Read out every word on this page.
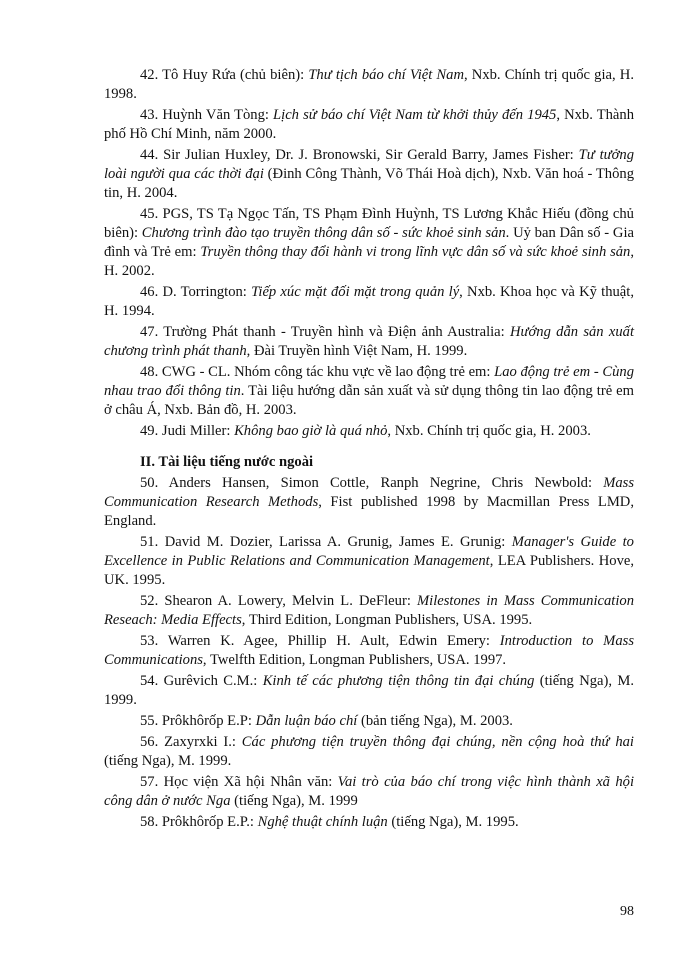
42. Tô Huy Rứa (chủ biên): Thư tịch báo chí Việt Nam, Nxb. Chính trị quốc gia, H. 1998.

43. Huỳnh Văn Tòng: Lịch sử báo chí Việt Nam từ khởi thủy đến 1945, Nxb. Thành phố Hồ Chí Minh, năm 2000.

44. Sir Julian Huxley, Dr. J. Bronowski, Sir Gerald Barry, James Fisher: Tư tưởng loài người qua các thời đại (Đinh Công Thành, Võ Thái Hoà dịch), Nxb. Văn hoá - Thông tin, H. 2004.

45. PGS, TS Tạ Ngọc Tấn, TS Phạm Đình Huỳnh, TS Lương Khắc Hiếu (đồng chủ biên): Chương trình đào tạo truyền thông dân số - sức khoẻ sinh sản. Uỷ ban Dân số - Gia đình và Trẻ em: Truyền thông thay đổi hành vi trong lĩnh vực dân số và sức khoẻ sinh sản, H. 2002.

46. D. Torrington: Tiếp xúc mặt đối mặt trong quản lý, Nxb. Khoa học và Kỹ thuật, H. 1994.

47. Trường Phát thanh - Truyền hình và Điện ảnh Australia: Hướng dẫn sản xuất chương trình phát thanh, Đài Truyền hình Việt Nam, H. 1999.

48. CWG - CL. Nhóm công tác khu vực về lao động trẻ em: Lao động trẻ em - Cùng nhau trao đổi thông tin. Tài liệu hướng dẫn sản xuất và sử dụng thông tin lao động trẻ em ở châu Á, Nxb. Bản đồ, H. 2003.

49. Judi Miller: Không bao giờ là quá nhỏ, Nxb. Chính trị quốc gia, H. 2003.

II. Tài liệu tiếng nước ngoài

50. Anders Hansen, Simon Cottle, Ranph Negrine, Chris Newbold: Mass Communication Research Methods, Fist published 1998 by Macmillan Press LMD, England.

51. David M. Dozier, Larissa A. Grunig, James E. Grunig: Manager's Guide to Excellence in Public Relations and Communication Management, LEA Publishers. Hove, UK. 1995.

52. Shearon A. Lowery, Melvin L. DeFleur: Milestones in Mass Communication Reseach: Media Effects, Third Edition, Longman Publishers, USA. 1995.

53. Warren K. Agee, Phillip H. Ault, Edwin Emery: Introduction to Mass Communications, Twelfth Edition, Longman Publishers, USA. 1997.

54. Gurêvich C.M.: Kinh tế các phương tiện thông tin đại chúng (tiếng Nga), M. 1999.

55. Prôkhôrốp E.P: Dẫn luận báo chí (bản tiếng Nga), M. 2003.

56. Zaxyrxki I.: Các phương tiện truyền thông đại chúng, nền cộng hoà thứ hai (tiếng Nga), M. 1999.

57. Học viện Xã hội Nhân văn: Vai trò của báo chí trong việc hình thành xã hội công dân ở nước Nga (tiếng Nga), M. 1999

58. Prôkhôrốp E.P.: Nghệ thuật chính luận (tiếng Nga), M. 1995.

98
